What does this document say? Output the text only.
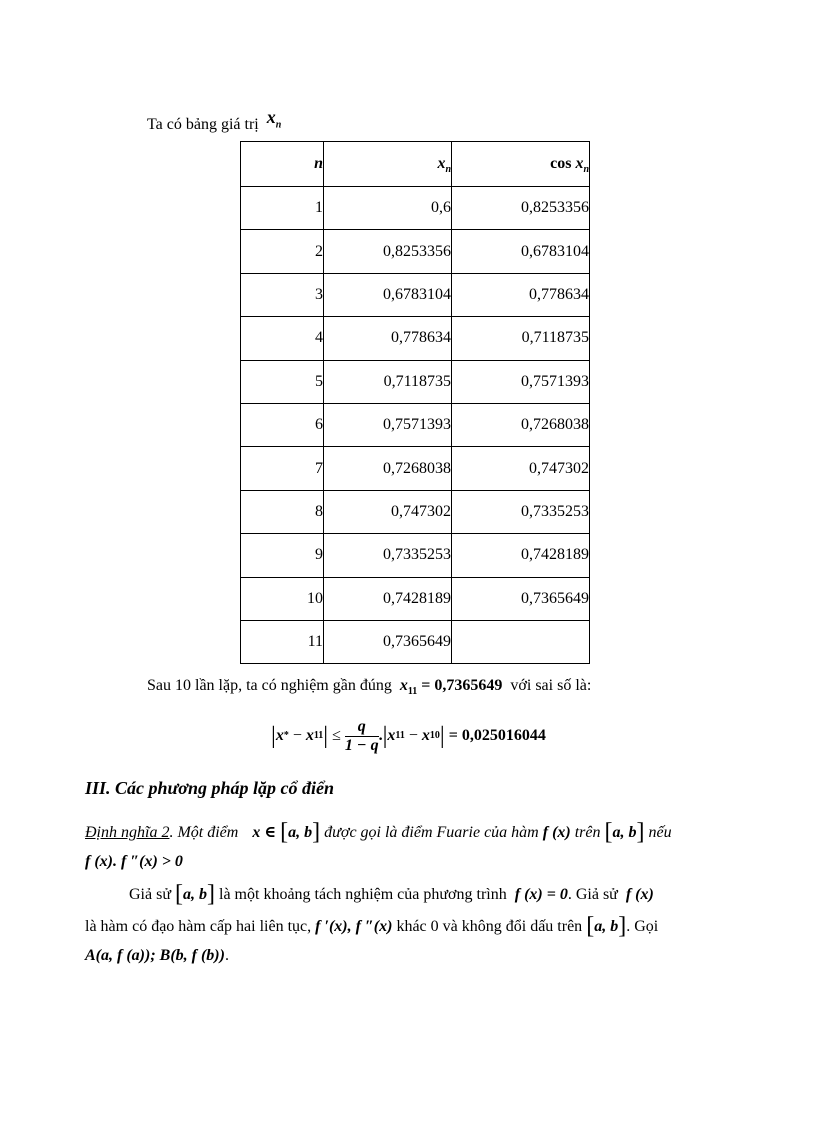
Ta có bảng giá trị $x_n$
n	$x_n$	$\cos x_n$
1	0,6	0,8253356
2	0,8253356	0,6783104
3	0,6783104	0,778634
4	0,778634	0,7118735
5	0,7118735	0,7571393
6	0,7571393	0,7268038
7	0,7268038	0,747302
8	0,747302	0,7335253
9	0,7335253	0,7428189
10	0,7428189	0,7365649
11	0,7365649	
Sau 10 lần lặp, ta có nghiệm gần đúng $x_{11} = 0,7365649$ với sai số là:
| x * − x 11 | ≤ $\frac{q}{1 - q}$ . | x 11 − x 10 | = 0,025016044
III. Các phương pháp lặp cổ điển
Định nghĩa 2. Một điểm x ∈ [a, b] được gọi là điểm Fuarie của hàm f (x) trên [a, b] nếu
f (x). f ″(x) > 0
Giả sử [a, b] là một khoảng tách nghiệm của phương trình f (x) = 0. Giả sử f (x)
là hàm có đạo hàm cấp hai liên tục, f ′(x), f ″(x) khác 0 và không đổi dấu trên [a, b]. Gọi
A(a, f (a)); B(b, f (b)).
